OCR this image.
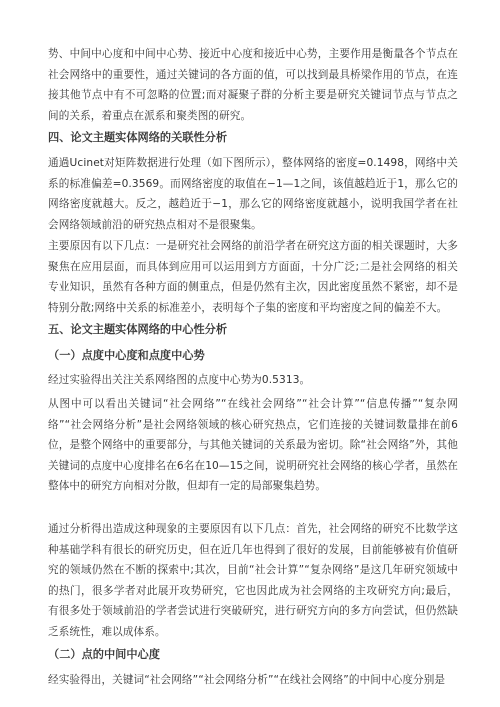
势、中间中心度和中间中心势、接近中心度和接近中心势，主要作用是衡量各个节点在社会网络中的重要性，通过关键词的各方面的值，可以找到最具桥梁作用的节点，在连接其他节点中有不可忽略的位置;而对凝聚子群的分析主要是研究关键词节点与节点之间的关系，着重点在派系和聚类图的研究。

四、论文主题实体网络的关联性分析

通過Ucinet对矩阵数据进行处理（如下图所示），整体网络的密度=0.1498，网络中关系的标准偏差=0.3569。而网络密度的取值在−1—1之间，该值越趋近于1，那么它的网络密度就越大。反之，越趋近于−1，那么它的网络密度就越小，说明我国学者在社会网络领域前沿的研究热点相对不是很聚集。

主要原因有以下几点：一是研究社会网络的前沿学者在研究这方面的相关课题时，大多聚焦在应用层面，而具体到应用可以运用到方方面面，十分广泛;二是社会网络的相关专业知识，虽然有各种方面的侧重点，但是仍然有主次，因此密度虽然不紧密，却不是特别分散;网络中关系的标准差小，表明每个子集的密度和平均密度之间的偏差不大。

五、论文主题实体网络的中心性分析
（一）点度中心度和点度中心势

经过实验得出关注关系网络图的点度中心势为0.5313。

从图中可以看出关键词“社会网络”“在线社会网络”“社会计算”“信息传播”“复杂网络”“社会网络分析”是社会网络领域的核心研究热点，它们连接的关键词数量排在前6位，是整个网络中的重要部分，与其他关键词的关系最为密切。除“社会网络”外，其他关键词的点度中心度排名在6名在10—15之间，说明研究社会网络的核心学者，虽然在整体中的研究方向相对分散，但却有一定的局部聚集趋势。

通过分析得出造成这种现象的主要原因有以下几点：首先，社会网络的研究不比数学这种基础学科有很长的研究历史，但在近几年也得到了很好的发展，目前能够被有价值研究的领域仍然在不断的探索中;其次，目前“社会计算”“复杂网络”是这几年研究领域中的热门，很多学者对此展开攻势研究，它也因此成为社会网络的主攻研究方向;最后，有很多处于领域前沿的学者尝试进行突破研究，进行研究方向的多方向尝试，但仍然缺乏系统性，难以成体系。

（二）点的中间中心度

经实验得出，关键词“社会网络”“社会网络分析”“在线社会网络”的中间中心度分别是
